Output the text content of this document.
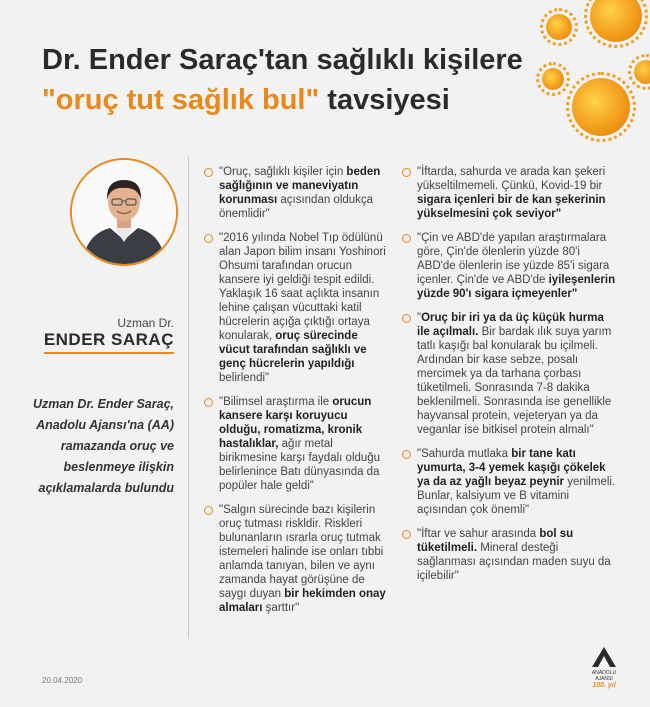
Dr. Ender Saraç'tan sağlıklı kişilere
"oruç tut sağlık bul" tavsiyesi
Uzman Dr.
ENDER SARAÇ
Uzman Dr. Ender Saraç, Anadolu Ajansı'na (AA) ramazanda oruç ve beslenmeye ilişkin açıklamalarda bulundu
"Oruç, sağlıklı kişiler için beden sağlığının ve maneviyatın korunması açısından oldukça önemlidir"
"2016 yılında Nobel Tıp ödülünü alan Japon bilim insanı Yoshinori Ohsumi tarafından orucun kansere iyi geldiği tespit edildi. Yaklaşık 16 saat açlıkta insanın lehine çalışan vücuttaki katil hücrelerin açığa çıktığı ortaya konularak, oruç sürecinde vücut tarafından sağlıklı ve genç hücrelerin yapıldığı belirlendi"
"Bilimsel araştırma ile orucun kansere karşı koruyucu olduğu, romatizma, kronik hastalıklar, ağır metal birikmesine karşı faydalı olduğu belirlenince Batı dünyasında da popüler hale geldi"
"Salgın sürecinde bazı kişilerin oruç tutması riskldir. Riskleri bulunanların ısrarla oruç tutmak istemeleri halinde ise onları tıbbi anlamda tanıyan, bilen ve aynı zamanda hayat görüşüne de saygı duyan bir hekimden onay almaları şarttır"
"İftarda, sahurda ve arada kan şekeri yükseltilmemeli. Çünkü, Kovid-19 bir sigara içenleri bir de kan şekerinin yükselmesini çok seviyor"
"Çin ve ABD'de yapılan araştırmalara göre, Çin'de ölenlerin yüzde 80'i ABD'de ölenlerin ise yüzde 85'i sigara içenler. Çin'de ve ABD'de iyileşenlerin yüzde 90'ı sigara içmeyenler"
"Oruç bir iri ya da üç küçük hurma ile açılmalı. Bir bardak ılık suya yarım tatlı kaşığı bal konularak bu içilmeli. Ardından bir kase sebze, posalı mercimek ya da tarhana çorbası tüketilmeli. Sonrasında 7-8 dakika beklenilmeli. Sonrasında ise genellikle hayvansal protein, vejeteryan ya da veganlar ise bitkisel protein almalı"
"Sahurda mutlaka bir tane katı yumurta, 3-4 yemek kaşığı çökelek ya da az yağlı beyaz peynir yenilmeli. Bunlar, kalsiyum ve B vitamini açısından çok önemli"
"İftar ve sahur arasında bol su tüketilmeli. Mineral desteği sağlanması açısından maden suyu da içilebilir"
20.04.2020
ANADOLU AJANSI
100. yıl
